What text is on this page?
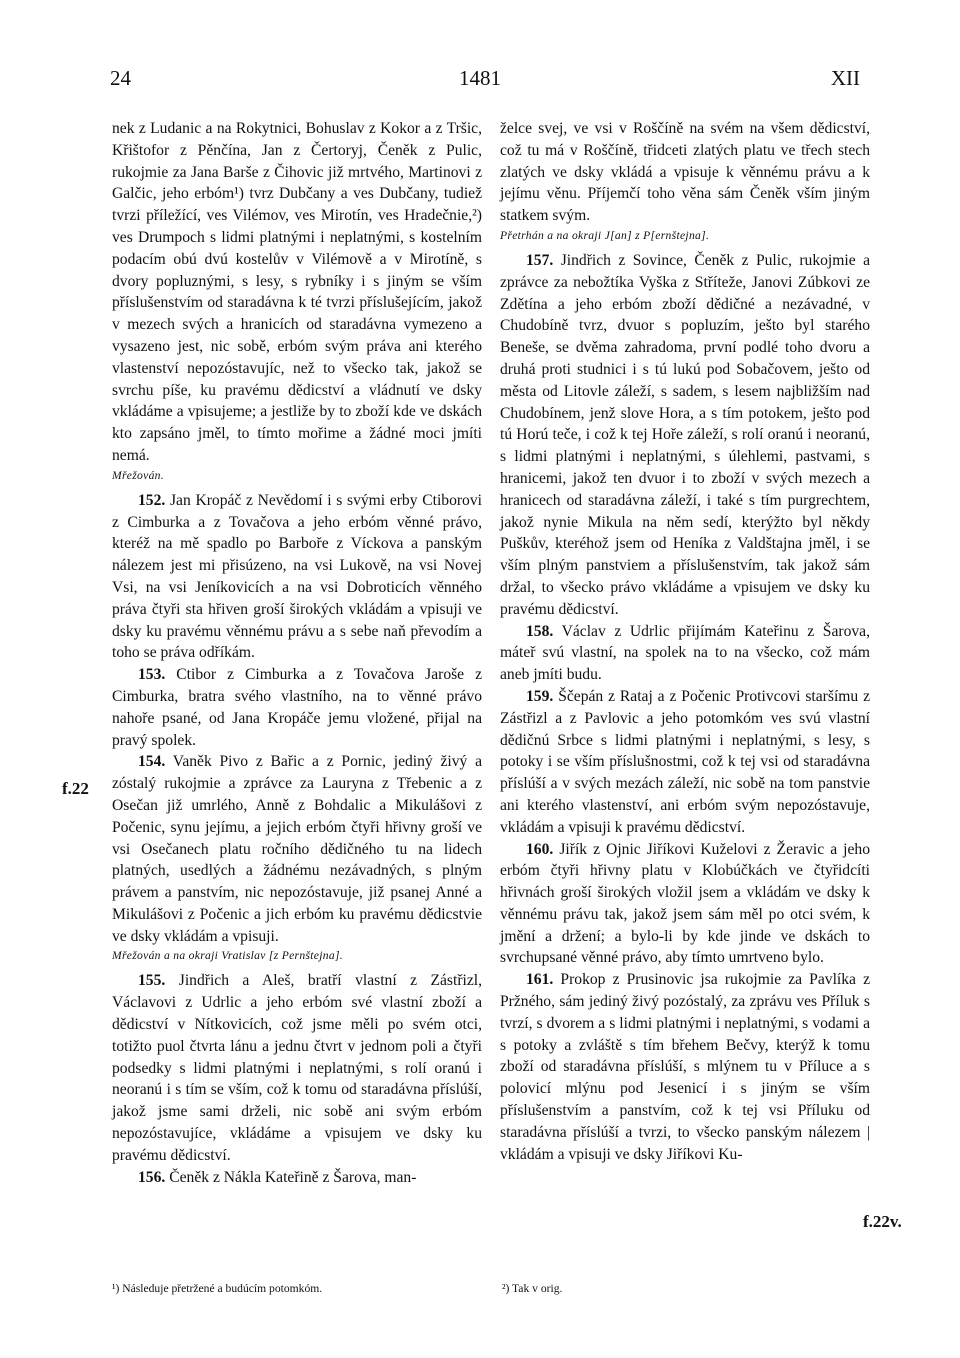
24	1481	XII
f.22
f.22v.

nek z Ludanic a na Rokytnici, Bohuslav z Kokor a z Tršic, Křištofor z Pěnčína, Jan z Čertoryj, Čeněk z Pulic, rukojmie za Jana Barše z Čihovic již mrtvého, Martinovi z Galčic, jeho erbóm¹) tvrz Dubčany a ves Dubčany, tudiež tvrzi příležící, ves Vilémov, ves Mirotín, ves Hradečnie,²) ves Drumpoch s lidmi platnými i neplatnými, s kostelním podacím obú dvú kostelův v Vilémově a v Mirotíně, s dvory popluznými, s lesy, s rybníky i s jiným se vším příslušenstvím od staradávna k té tvrzi příslušejícím, jakož v mezech svých a hranicích od staradávna vymezeno a vysazeno jest, nic sobě, erbóm svým práva ani kterého vlastenství nepozóstavujíc, než to všecko tak, jakož se svrchu píše, ku pravému dědicství a vládnutí ve dsky vkládáme a vpisujeme; a jestliže by to zboží kde ve dskách kto zapsáno jměl, to tímto mořime a žádné moci jmíti nemá.

Mřežován.

152. Jan Kropáč z Nevědomí i s svými erby Ctiborovi z Cimburka a z Tovačova a jeho erbóm věnné právo, kteréž na mě spadlo po Barboře z Víckova a panským nálezem jest mi přisúzeno, na vsi Lukově, na vsi Novej Vsi, na vsi Jeníkovicích a na vsi Dobroticích věnného práva čtyři sta hřiven groší širokých vkládám a vpisuji ve dsky ku pravému věnnému právu a s sebe naň převodím a toho se práva odříkám.

153. Ctibor z Cimburka a z Tovačova Jaroše z Cimburka, bratra svého vlastního, na to věnné právo nahoře psané, od Jana Kropáče jemu vložené, přijal na pravý spolek.

154. Vaněk Pivo z Bařic a z Pornic, jediný živý a zóstalý rukojmie a zprávce za Lauryna z Třebenic a z Osečan již umrlého, Anně z Bohdalic a Mikulášovi z Počenic, synu jejímu, a jejich erbóm čtyři hřivny groší ve vsi Osečanech platu ročního dědičného tu na lidech platných, usedlých a žádnému nezávadných, s plným právem a panstvím, nic nepozóstavuje, již psanej Anné a Mikulášovi z Počenic a jich erbóm ku pravému dědicstvie ve dsky vkládám a vpisuji.

Mřežován a na okraji Vratislav [z Pernštejna].

155. Jindřich a Aleš, bratří vlastní z Zástřizl, Václavovi z Udrlic a jeho erbóm své vlastní zboží a dědicství v Nítkovicích, což jsme měli po svém otci, totižto puol čtvrta lánu a jednu čtvrt v jednom poli a čtyři podsedky s lidmi platnými i neplatnými, s rolí oranú i neoranú i s tím se vším, což k tomu od staradávna příslúší, jakož jsme sami drželi, nic sobě ani svým erbóm nepozóstavujíce, vkládáme a vpisujem ve dsky ku pravému dědicství.

156. Čeněk z Nákla Kateřině z Šarova, man-

želce svej, ve vsi v Roščíně na svém na všem dědicství, což tu má v Roščíně, třidceti zlatých platu ve třech stech zlatých ve dsky vkládá a vpisuje k věnnému právu a k jejímu věnu. Příjemčí toho věna sám Čeněk vším jiným statkem svým.

Přetrhán a na okraji J[an] z P[ernštejna].

157. Jindřich z Sovince, Čeněk z Pulic, rukojmie a zprávce za nebožtíka Vyška z Stříteže, Janovi Zúbkovi ze Zdětína a jeho erbóm zboží dědičné a nezávadné, v Chudobíně tvrz, dvuor s popluzím, ješto byl starého Beneše, se dvěma zahradoma, první podlé toho dvoru a druhá proti studnici i s tú lukú pod Sobačovem, ješto od města od Litovle záleží, s sadem, s lesem najbližším nad Chudobínem, jenž slove Hora, a s tím potokem, ješto pod tú Horú teče, i což k tej Hoře záleží, s rolí oranú i neoranú, s lidmi platnými i neplatnými, s úlehlemi, pastvami, s hranicemi, jakož ten dvuor i to zboží v svých mezech a hranicech od staradávna záleží, i také s tím purgrechtem, jakož nynie Mikula na něm sedí, kterýžto byl někdy Puškův, kteréhož jsem od Heníka z Valdštajna jměl, i se vším plným panstviem a příslušenstvím, tak jakož sám držal, to všecko právo vkládáme a vpisujem ve dsky ku pravému dědicství.

158. Václav z Udrlic přijímám Kateřinu z Šarova, máteř svú vlastní, na spolek na to na všecko, což mám aneb jmíti budu.

159. Ščepán z Rataj a z Počenic Protivcovi staršímu z Zástřizl a z Pavlovic a jeho potomkóm ves svú vlastní dědičnú Srbce s lidmi platnými i neplatnými, s lesy, s potoky i se vším příslušnostmi, což k tej vsi od staradávna příslúší a v svých mezách záleží, nic sobě na tom panstvie ani kterého vlastenství, ani erbóm svým nepozóstavuje, vkládám a vpisuji k pravému dědicství.

160. Jiřík z Ojnic Jiříkovi Kuželovi z Žeravic a jeho erbóm čtyři hřivny platu v Klobúčkách ve čtyřidcíti hřivnách groší širokých vložil jsem a vkládám ve dsky k věnnému právu tak, jakož jsem sám měl po otci svém, k jmění a držení; a bylo-li by kde jinde ve dskách to svrchupsané věnné právo, aby tímto umrtveno bylo.

161. Prokop z Prusinovic jsa rukojmie za Pavlíka z Pržného, sám jediný živý pozóstalý, za zprávu ves Příluk s tvrzí, s dvorem a s lidmi platnými i neplatnými, s vodami a s potoky a zvláště s tím břehem Bečvy, kterýž k tomu zboží od staradávna příslúší, s mlýnem tu v Příluce a s polovicí mlýnu pod Jesenicí i s jiným se vším příslušenstvím a panstvím, což k tej vsi Příluku od staradávna příslúší a tvrzi, to všecko panským nálezem | vkládám a vpisuji ve dsky Jiříkovi Ku-

¹) Následuje přetržené a budúcím potomkóm.	²) Tak v orig.
